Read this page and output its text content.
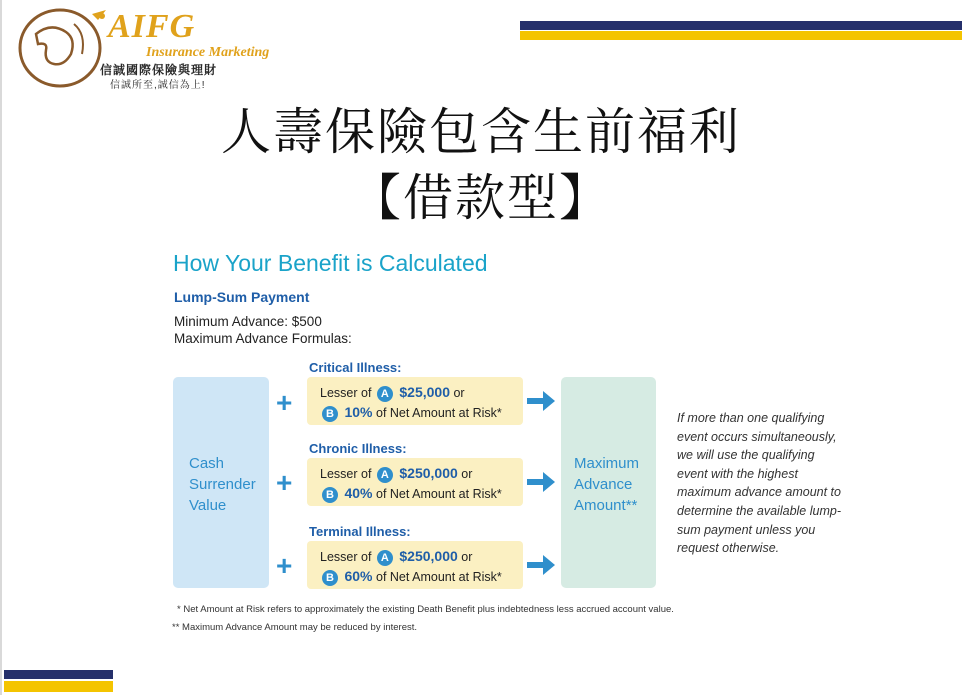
AIFG
Insurance Marketing
信誠國際保險與理財
信誠所至,誠信為上!
人壽保險包含生前福利
【借款型】
How Your Benefit is Calculated
Lump-Sum Payment
Minimum Advance: $500
Maximum Advance Formulas:
Cash
Surrender
Value
Maximum
Advance
Amount**
Critical Illness:
+ Lesser of A $25,000 or
B 10% of Net Amount at Risk*
Chronic Illness:
+ Lesser of A $250,000 or
B 40% of Net Amount at Risk*
Terminal Illness:
+ Lesser of A $250,000 or
B 60% of Net Amount at Risk*
If more than one qualifying event occurs simultaneously, we will use the qualifying event with the highest maximum advance amount to determine the available lump-sum payment unless you request otherwise.
* Net Amount at Risk refers to approximately the existing Death Benefit plus indebtedness less accrued account value.
** Maximum Advance Amount may be reduced by interest.
